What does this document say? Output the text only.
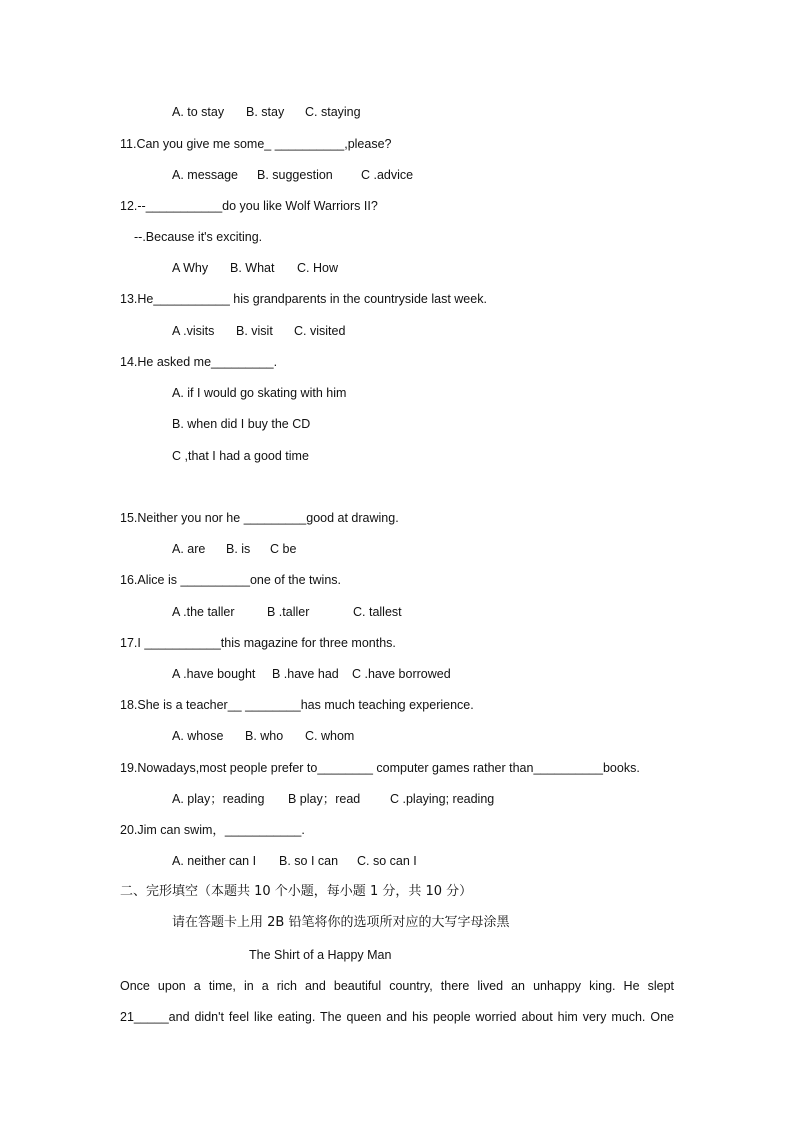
A. to stay B. stay C. staying
11.Can you give me some_ __________,please?
A. message B. suggestion C .advice
12.--___________do you like Wolf Warriors II?
--.Because it's exciting.
A Why B. What C. How
13.He___________ his grandparents in the countryside last week.
A .visits B. visit C. visited
14.He asked me_________.
A. if I would go skating with him
B. when did I buy the CD
C ,that I had a good time
15.Neither you nor he _________good at drawing.
A. are B. is C be
16.Alice is __________one of the twins.
A .the taller	B .taller	C. tallest
17.I ___________this magazine for three months.
A .have bought B .have had C .have borrowed
18.She is a teacher__ ________has much teaching experience.
A. whose B. who C. whom
19.Nowadays,most people prefer to________ computer games rather than__________books.
A. play；reading B play；read C .playing; reading
20.Jim can swim，___________.
A. neither can I B. so I can C. so can I
二、完形填空（本题共 10 个小题，每小题 1 分，共 10 分）
请在答题卡上用 2B 铅笔将你的选项所对应的大写字母涂黑
The Shirt of a Happy Man
Once upon a time, in a rich and beautiful country, there lived an unhappy king. He slept
21_____and didn't feel like eating. The queen and his people worried about him very much. One
